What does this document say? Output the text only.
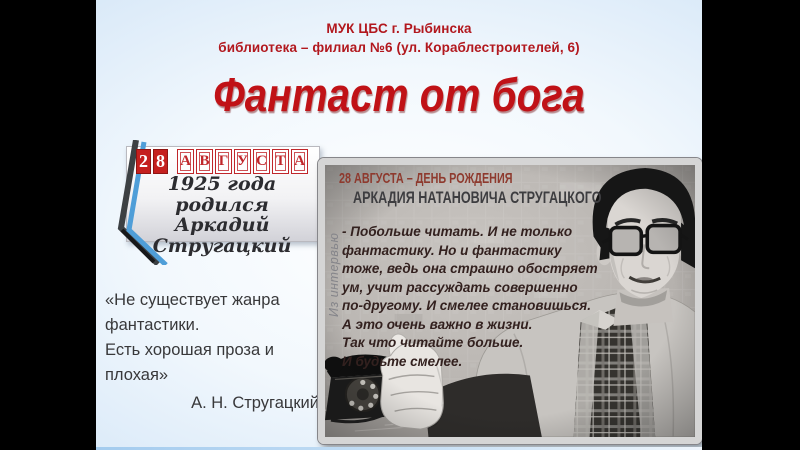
МУК ЦБС г. Рыбинска
библиотека – филиал №6 (ул. Кораблестроителей, 6)
Фантаст от бога
2 8 А В Г У С Т А
1925 года родился
Аркадий
Стругацкий
«Не существует жанра
фантастики.
Есть хорошая проза и
плохая»
А. Н. Стругацкий
28 АВГУСТА – ДЕНЬ РОЖДЕНИЯ
АРКАДИЯ НАТАНОВИЧА СТРУГАЦКОГО
- Побольше читать. И не только
фантастику. Но и фантастику
тоже, ведь она страшно обостряет
ум, учит рассуждать совершенно
по-другому. И смелее становишься.
А это очень важно в жизни.
Так что читайте больше.
И будьте смелее.
Из интервью
